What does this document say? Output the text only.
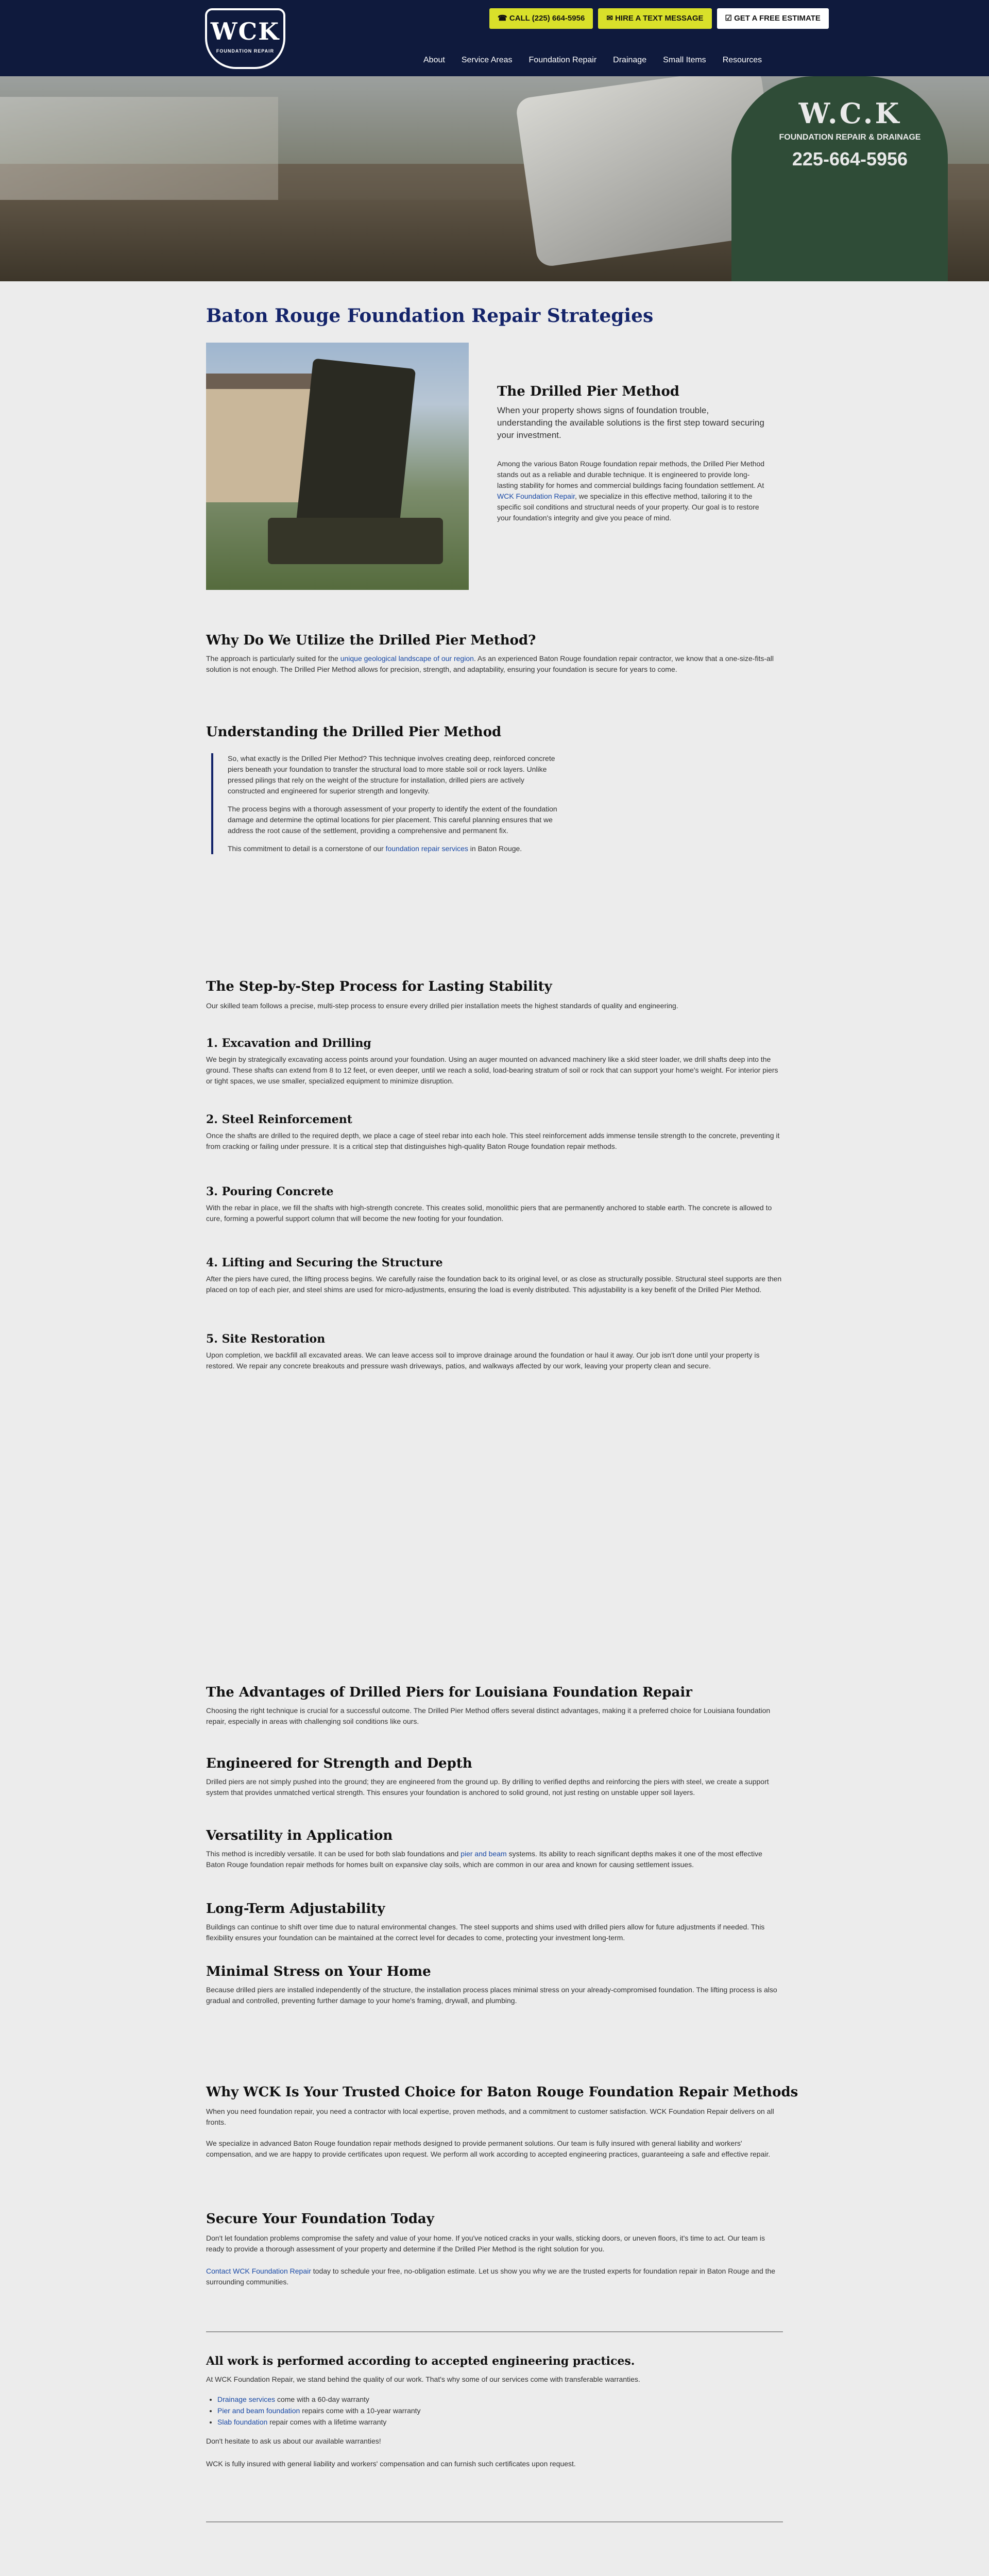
WCK
FOUNDATION REPAIR
☎ CALL (225) 664-5956	✉ HIRE A TEXT MESSAGE	☑ GET A FREE ESTIMATE
About Service Areas Foundation Repair Drainage Small Items Resources
W.C.K
FOUNDATION REPAIR & DRAINAGE
225-664-5956
Baton Rouge Foundation Repair Strategies
The Drilled Pier Method
When your property shows signs of foundation trouble, understanding the available solutions is the first step toward securing your investment.
Among the various Baton Rouge foundation repair methods, the Drilled Pier Method stands out as a reliable and durable technique. It is engineered to provide long-lasting stability for homes and commercial buildings facing foundation settlement. At WCK Foundation Repair, we specialize in this effective method, tailoring it to the specific soil conditions and structural needs of your property. Our goal is to restore your foundation's integrity and give you peace of mind.
Why Do We Utilize the Drilled Pier Method?
The approach is particularly suited for the unique geological landscape of our region. As an experienced Baton Rouge foundation repair contractor, we know that a one-size-fits-all solution is not enough. The Drilled Pier Method allows for precision, strength, and adaptability, ensuring your foundation is secure for years to come.
Understanding the Drilled Pier Method
So, what exactly is the Drilled Pier Method? This technique involves creating deep, reinforced concrete piers beneath your foundation to transfer the structural load to more stable soil or rock layers. Unlike pressed pilings that rely on the weight of the structure for installation, drilled piers are actively constructed and engineered for superior strength and longevity.
The process begins with a thorough assessment of your property to identify the extent of the foundation damage and determine the optimal locations for pier placement. This careful planning ensures that we address the root cause of the settlement, providing a comprehensive and permanent fix.
This commitment to detail is a cornerstone of our foundation repair services in Baton Rouge.
The Step-by-Step Process for Lasting Stability
Our skilled team follows a precise, multi-step process to ensure every drilled pier installation meets the highest standards of quality and engineering.
1. Excavation and Drilling
We begin by strategically excavating access points around your foundation. Using an auger mounted on advanced machinery like a skid steer loader, we drill shafts deep into the ground. These shafts can extend from 8 to 12 feet, or even deeper, until we reach a solid, load-bearing stratum of soil or rock that can support your home's weight. For interior piers or tight spaces, we use smaller, specialized equipment to minimize disruption.
2. Steel Reinforcement
Once the shafts are drilled to the required depth, we place a cage of steel rebar into each hole. This steel reinforcement adds immense tensile strength to the concrete, preventing it from cracking or failing under pressure. It is a critical step that distinguishes high-quality Baton Rouge foundation repair methods.
3. Pouring Concrete
With the rebar in place, we fill the shafts with high-strength concrete. This creates solid, monolithic piers that are permanently anchored to stable earth. The concrete is allowed to cure, forming a powerful support column that will become the new footing for your foundation.
4. Lifting and Securing the Structure
After the piers have cured, the lifting process begins. We carefully raise the foundation back to its original level, or as close as structurally possible. Structural steel supports are then placed on top of each pier, and steel shims are used for micro-adjustments, ensuring the load is evenly distributed. This adjustability is a key benefit of the Drilled Pier Method.
5. Site Restoration
Upon completion, we backfill all excavated areas. We can leave access soil to improve drainage around the foundation or haul it away. Our job isn't done until your property is restored. We repair any concrete breakouts and pressure wash driveways, patios, and walkways affected by our work, leaving your property clean and secure.
The Advantages of Drilled Piers for Louisiana Foundation Repair
Choosing the right technique is crucial for a successful outcome. The Drilled Pier Method offers several distinct advantages, making it a preferred choice for Louisiana foundation repair, especially in areas with challenging soil conditions like ours.
Engineered for Strength and Depth
Drilled piers are not simply pushed into the ground; they are engineered from the ground up. By drilling to verified depths and reinforcing the piers with steel, we create a support system that provides unmatched vertical strength. This ensures your foundation is anchored to solid ground, not just resting on unstable upper soil layers.
Versatility in Application
This method is incredibly versatile. It can be used for both slab foundations and pier and beam systems. Its ability to reach significant depths makes it one of the most effective Baton Rouge foundation repair methods for homes built on expansive clay soils, which are common in our area and known for causing settlement issues.
Long-Term Adjustability
Buildings can continue to shift over time due to natural environmental changes. The steel supports and shims used with drilled piers allow for future adjustments if needed. This flexibility ensures your foundation can be maintained at the correct level for decades to come, protecting your investment long-term.
Minimal Stress on Your Home
Because drilled piers are installed independently of the structure, the installation process places minimal stress on your already-compromised foundation. The lifting process is also gradual and controlled, preventing further damage to your home's framing, drywall, and plumbing.
Why WCK Is Your Trusted Choice for Baton Rouge Foundation Repair Methods
When you need foundation repair, you need a contractor with local expertise, proven methods, and a commitment to customer satisfaction. WCK Foundation Repair delivers on all fronts.
We specialize in advanced Baton Rouge foundation repair methods designed to provide permanent solutions. Our team is fully insured with general liability and workers' compensation, and we are happy to provide certificates upon request. We perform all work according to accepted engineering practices, guaranteeing a safe and effective repair.
Secure Your Foundation Today
Don't let foundation problems compromise the safety and value of your home. If you've noticed cracks in your walls, sticking doors, or uneven floors, it's time to act. Our team is ready to provide a thorough assessment of your property and determine if the Drilled Pier Method is the right solution for you.
Contact WCK Foundation Repair today to schedule your free, no-obligation estimate. Let us show you why we are the trusted experts for foundation repair in Baton Rouge and the surrounding communities.
All work is performed according to accepted engineering practices.
At WCK Foundation Repair, we stand behind the quality of our work. That's why some of our services come with transferable warranties.
• Drainage services come with a 60-day warranty
• Pier and beam foundation repairs come with a 10-year warranty
• Slab foundation repair comes with a lifetime warranty
Don't hesitate to ask us about our available warranties!
WCK is fully insured with general liability and workers' compensation and can furnish such certificates upon request.
